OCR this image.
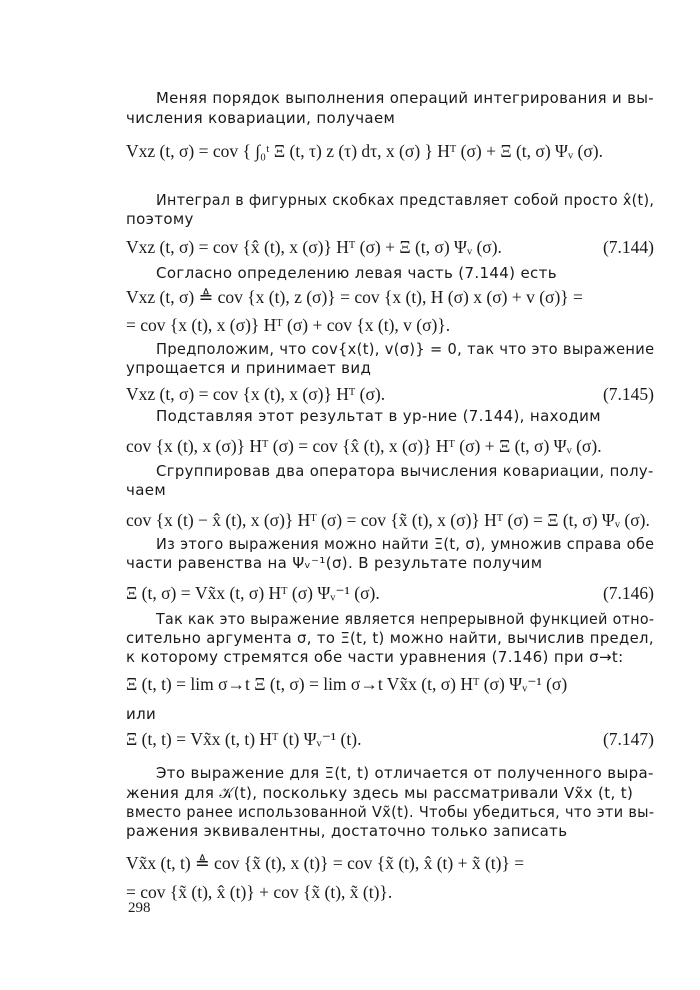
Меняя порядок выполнения операций интегрирования и вы-
числения ковариации, получаем
Vxz (t, σ) = cov { ∫₀ᵗ Ξ (t, τ) z (τ) dτ, x (σ) } Hᵀ (σ) + Ξ (t, σ) Ψᵥ (σ).
Интеграл в фигурных скобках представляет собой просто x̂(t),
поэтому
Vxz (t, σ) = cov {x̂ (t), x (σ)} Hᵀ (σ) + Ξ (t, σ) Ψᵥ (σ).	(7.144)
Согласно определению левая часть (7.144) есть
Vxz (t, σ) ≜ cov {x (t), z (σ)} = cov {x (t), H (σ) x (σ) + v (σ)} =
= cov {x (t), x (σ)} Hᵀ (σ) + cov {x (t), v (σ)}.
Предположим, что cov{x(t), v(σ)} = 0, так что это выражение
упрощается и принимает вид
Vxz (t, σ) = cov {x (t), x (σ)} Hᵀ (σ).	(7.145)
Подставляя этот результат в ур-ние (7.144), находим
cov {x (t), x (σ)} Hᵀ (σ) = cov {x̂ (t), x (σ)} Hᵀ (σ) + Ξ (t, σ) Ψᵥ (σ).
Сгруппировав два оператора вычисления ковариации, полу-
чаем
cov {x (t) − x̂ (t), x (σ)} Hᵀ (σ) = cov {x̃ (t), x (σ)} Hᵀ (σ) = Ξ (t, σ) Ψᵥ (σ).
Из этого выражения можно найти Ξ(t, σ), умножив справа обе
части равенства на Ψᵥ⁻¹(σ). В результате получим
Ξ (t, σ) = Vx̃x (t, σ) Hᵀ (σ) Ψᵥ⁻¹ (σ).	(7.146)
Так как это выражение является непрерывной функцией отно-
сительно аргумента σ, то Ξ(t, t) можно найти, вычислив предел,
к которому стремятся обе части уравнения (7.146) при σ→t:
Ξ (t, t) = lim σ→t Ξ (t, σ) = lim σ→t Vx̃x (t, σ) Hᵀ (σ) Ψᵥ⁻¹ (σ)
или
Ξ (t, t) = Vx̃x (t, t) Hᵀ (t) Ψᵥ⁻¹ (t).	(7.147)
Это выражение для Ξ(t, t) отличается от полученного выра-
жения для 𝒦(t), поскольку здесь мы рассматривали Vx̃x (t, t)
вместо ранее использованной Vx̃(t). Чтобы убедиться, что эти вы-
ражения эквивалентны, достаточно только записать
Vx̃x (t, t) ≜ cov {x̃ (t), x (t)} = cov {x̃ (t), x̂ (t) + x̃ (t)} =
= cov {x̃ (t), x̂ (t)} + cov {x̃ (t), x̃ (t)}.
298
